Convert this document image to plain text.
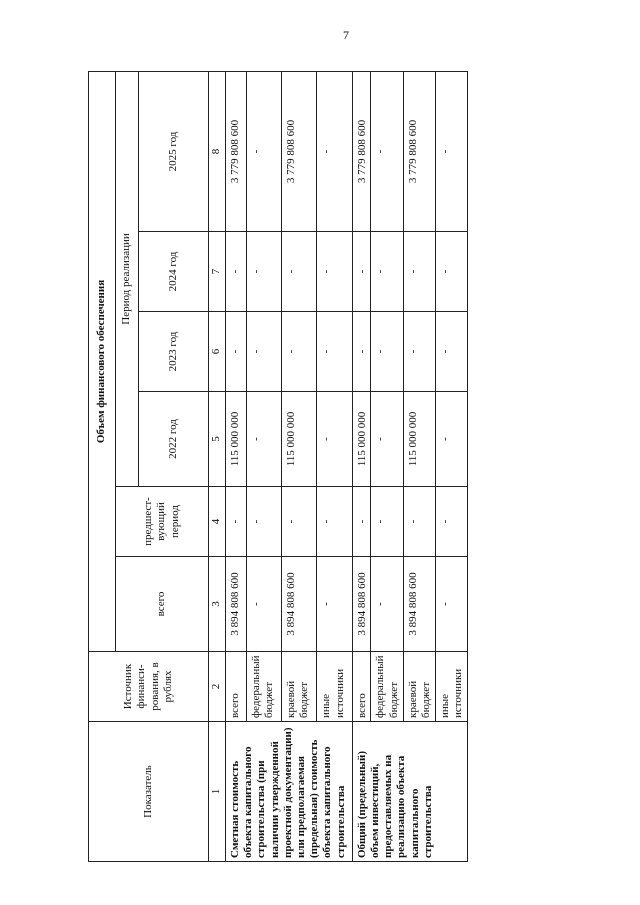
7
Показатель	Источник финанси-рования, в рублях	Объем финансового обеспечения					
		всего	предшест-вующий период	Период реализации			
				2022 год	2023 год	2024 год	2025 год
1	2	3	4	5	6	7	8
Сметная стоимость объекта капитального строительства (при наличии утвержденной проектной документации) или предполагаемая (предельная) стоимость объекта капитального строительства	всего	3 894 808 600	-	115 000 000	-	-	3 779 808 600
	федеральный бюджет	-	-	-	-	-	-
	краевой бюджет	3 894 808 600	-	115 000 000	-	-	3 779 808 600
	иные источники	-	-	-	-	-	-
Общий (предельный) объем инвестиций, предоставляемых на реализацию объекта капитального строительства	всего	3 894 808 600	-	115 000 000	-	-	3 779 808 600
	федеральный бюджет	-	-	-	-	-	-
	краевой бюджет	3 894 808 600	-	115 000 000	-	-	3 779 808 600
	иные источники	-	-	-	-	-	-
